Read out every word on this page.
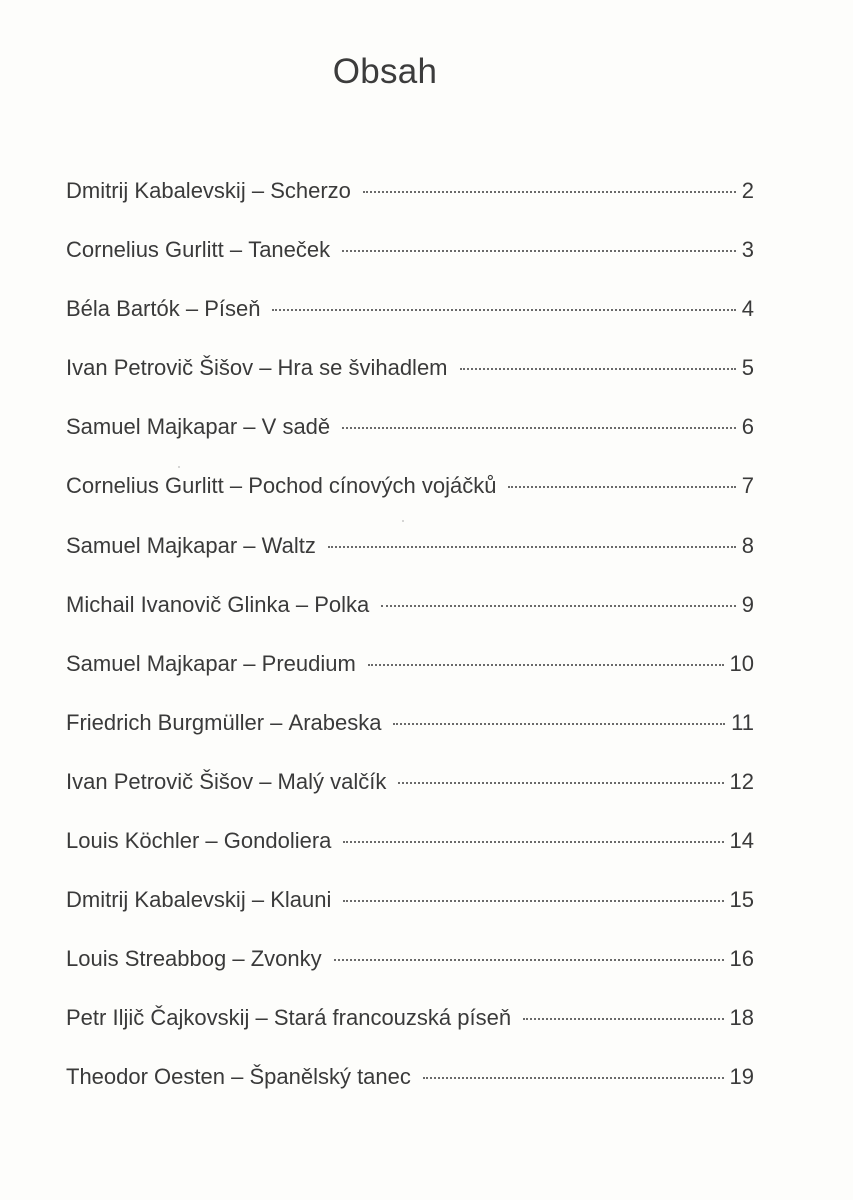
Obsah
Dmitrij Kabalevskij – Scherzo	2
Cornelius Gurlitt – Taneček	3
Béla Bartók – Píseň	4
Ivan Petrovič Šišov – Hra se švihadlem	5
Samuel Majkapar – V sadě	6
Cornelius Gurlitt – Pochod cínových vojáčků	7
Samuel Majkapar – Waltz	8
Michail Ivanovič Glinka – Polka	9
Samuel Majkapar – Preudium	10
Friedrich Burgmüller – Arabeska	11
Ivan Petrovič Šišov – Malý valčík	12
Louis Köchler – Gondoliera	14
Dmitrij Kabalevskij – Klauni	15
Louis Streabbog – Zvonky	16
Petr Iljič Čajkovskij – Stará francouzská píseň	18
Theodor Oesten – Španělský tanec	19
